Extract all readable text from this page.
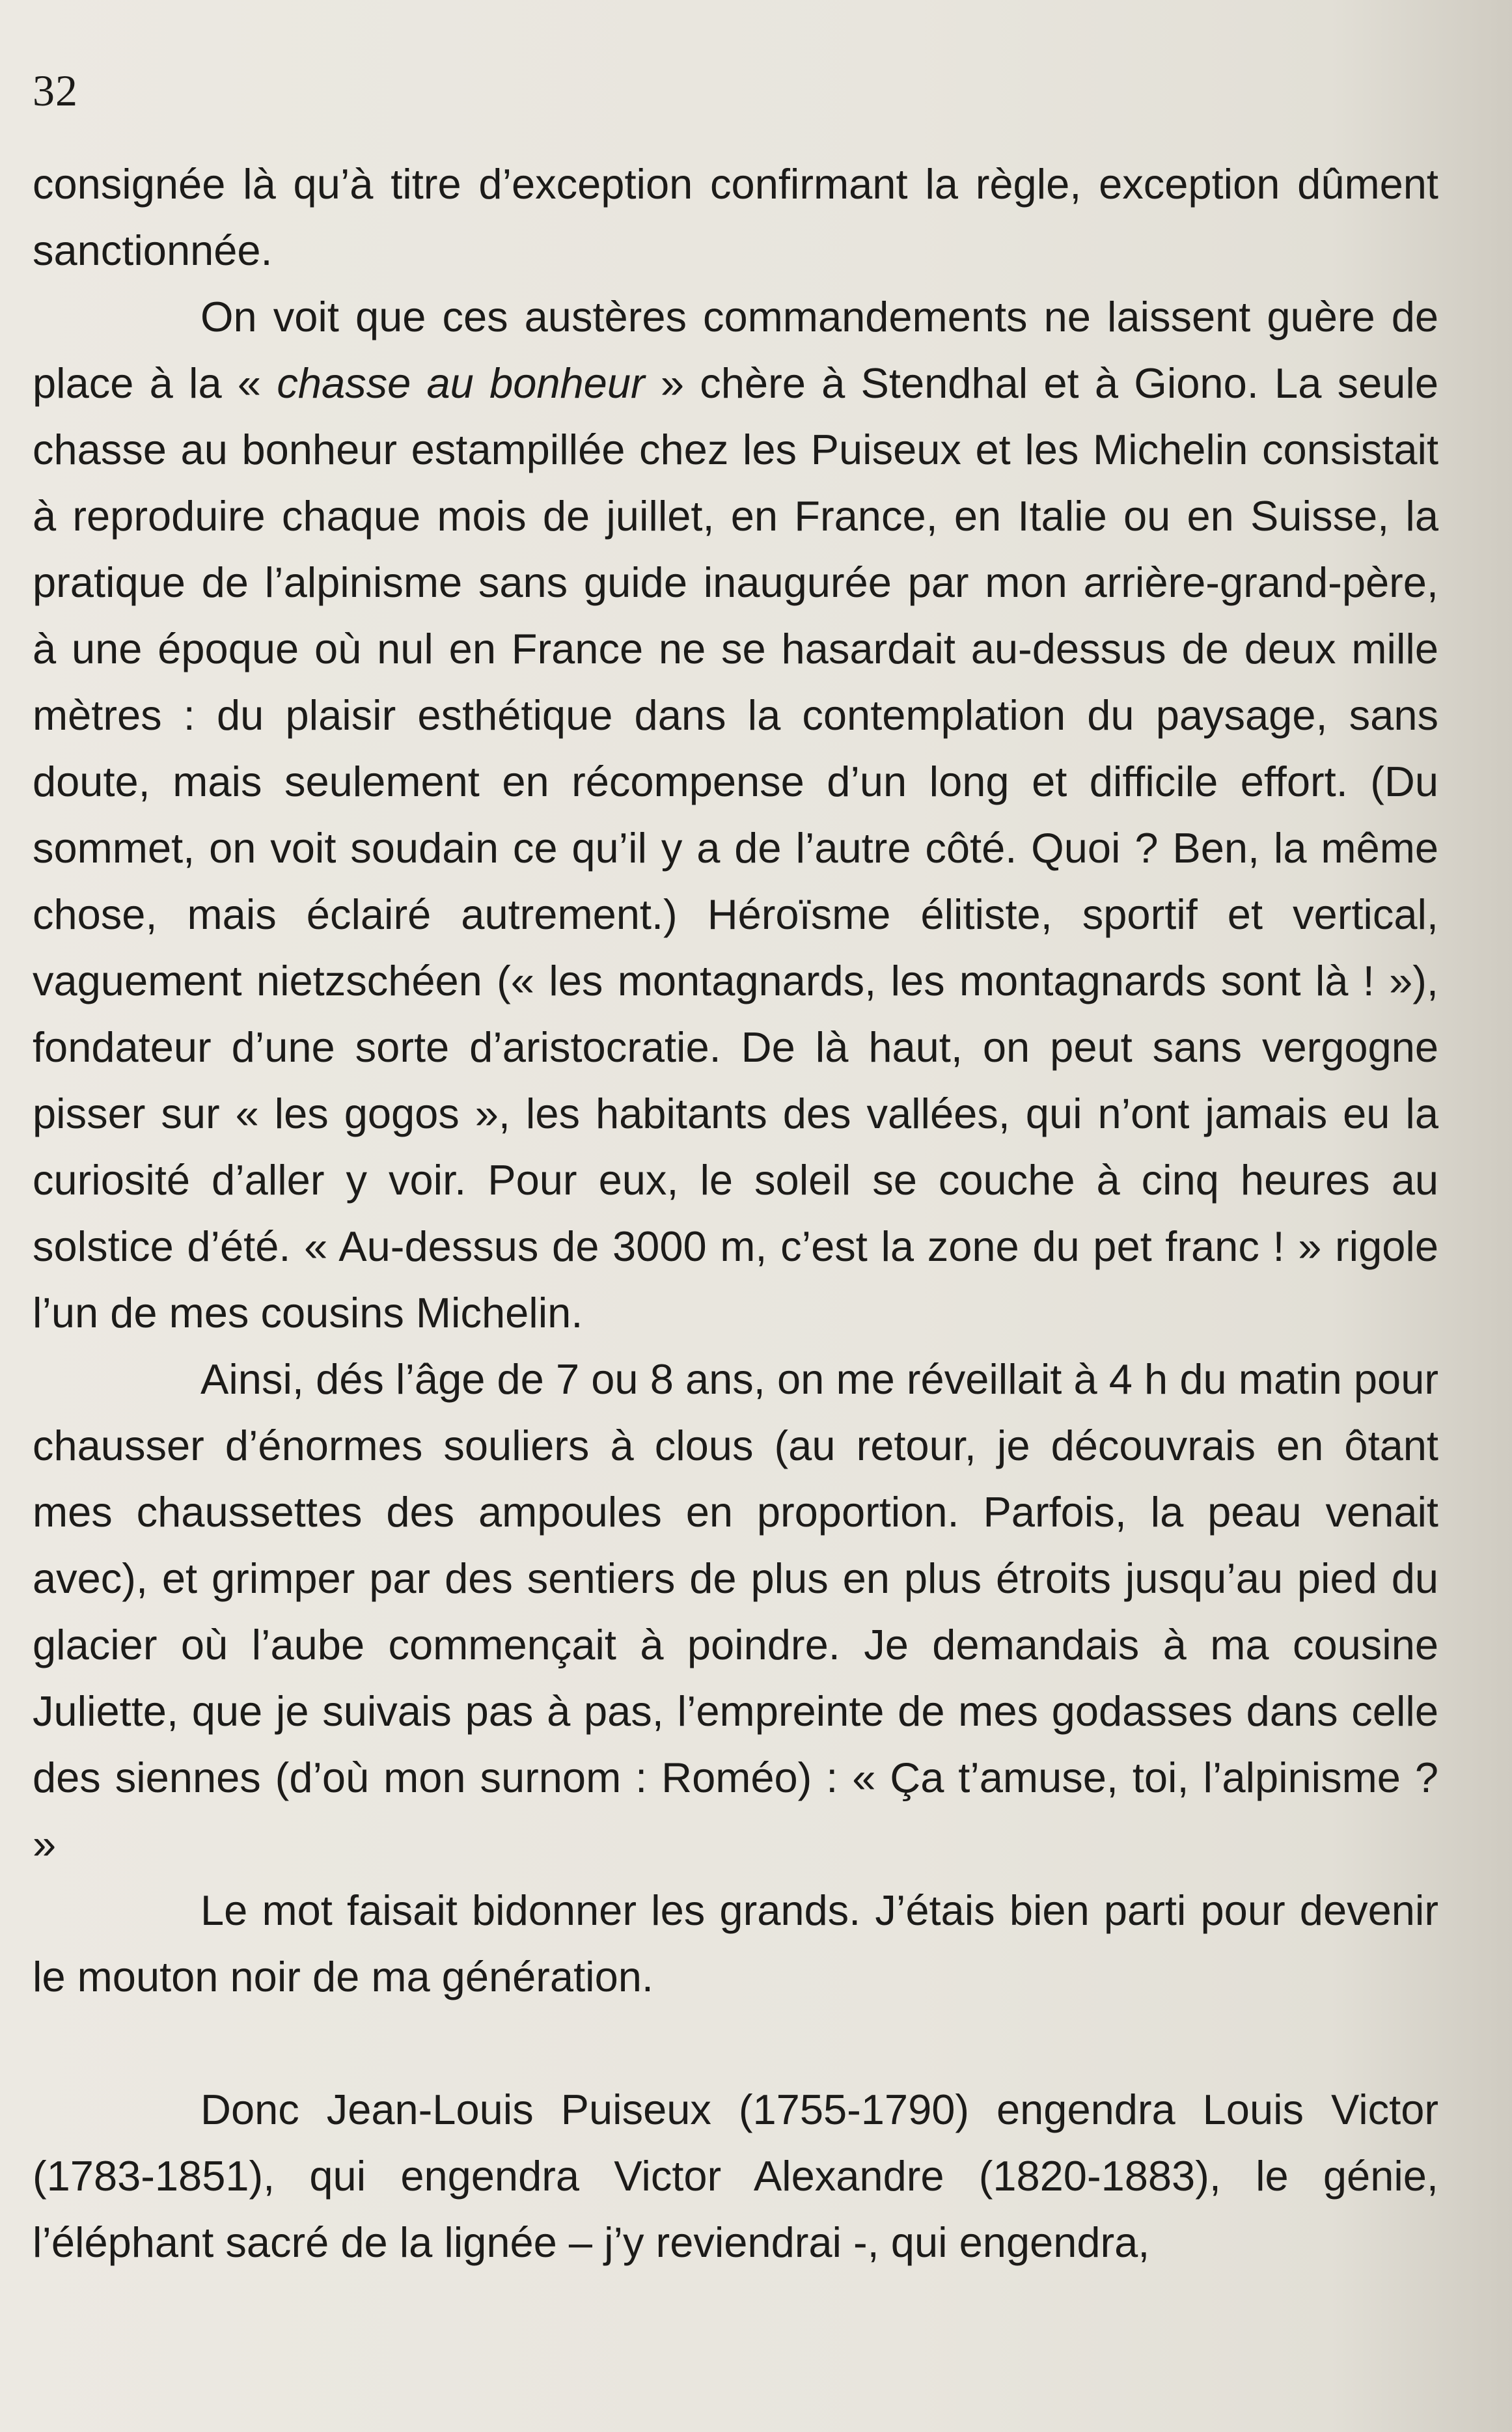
32

consignée là qu’à titre d’exception confirmant la règle, exception dûment sanctionnée.

On voit que ces austères commandements ne laissent guère de place à la « chasse au bonheur » chère à Stendhal et à Giono. La seule chasse au bonheur estampillée chez les Puiseux et les Michelin consistait à reproduire chaque mois de juillet, en France, en Italie ou en Suisse, la pratique de l’alpinisme sans guide inaugurée par mon arrière-grand-père, à une époque où nul en France ne se hasardait au-dessus de deux mille mètres : du plaisir esthétique dans la contemplation du paysage, sans doute, mais seulement en récompense d’un long et difficile effort. (Du sommet, on voit soudain ce qu’il y a de l’autre côté. Quoi ? Ben, la même chose, mais éclairé autrement.) Héroïsme élitiste, sportif et vertical, vaguement nietzschéen (« les montagnards, les montagnards sont là ! »), fondateur d’une sorte d’aristocratie. De là haut, on peut sans vergogne pisser sur « les gogos », les habitants des vallées, qui n’ont jamais eu la curiosité d’aller y voir. Pour eux, le soleil se couche à cinq heures au solstice d’été. « Au-dessus de 3000 m, c’est la zone du pet franc ! » rigole l’un de mes cousins Michelin.

Ainsi, dés l’âge de 7 ou 8 ans, on me réveillait à 4 h du matin pour chausser d’énormes souliers à clous (au retour, je découvrais en ôtant mes chaussettes des ampoules en proportion. Parfois, la peau venait avec), et grimper par des sentiers de plus en plus étroits jusqu’au pied du glacier où l’aube commençait à poindre. Je demandais à ma cousine Juliette, que je suivais pas à pas, l’empreinte de mes godasses dans celle des siennes (d’où mon surnom : Roméo) : « Ça t’amuse, toi, l’alpinisme ? »

Le mot faisait bidonner les grands. J’étais bien parti pour devenir le mouton noir de ma génération.

Donc Jean-Louis Puiseux (1755-1790) engendra Louis Victor (1783-1851), qui engendra Victor Alexandre (1820-1883), le génie, l’éléphant sacré de la lignée – j’y reviendrai -, qui engendra,
